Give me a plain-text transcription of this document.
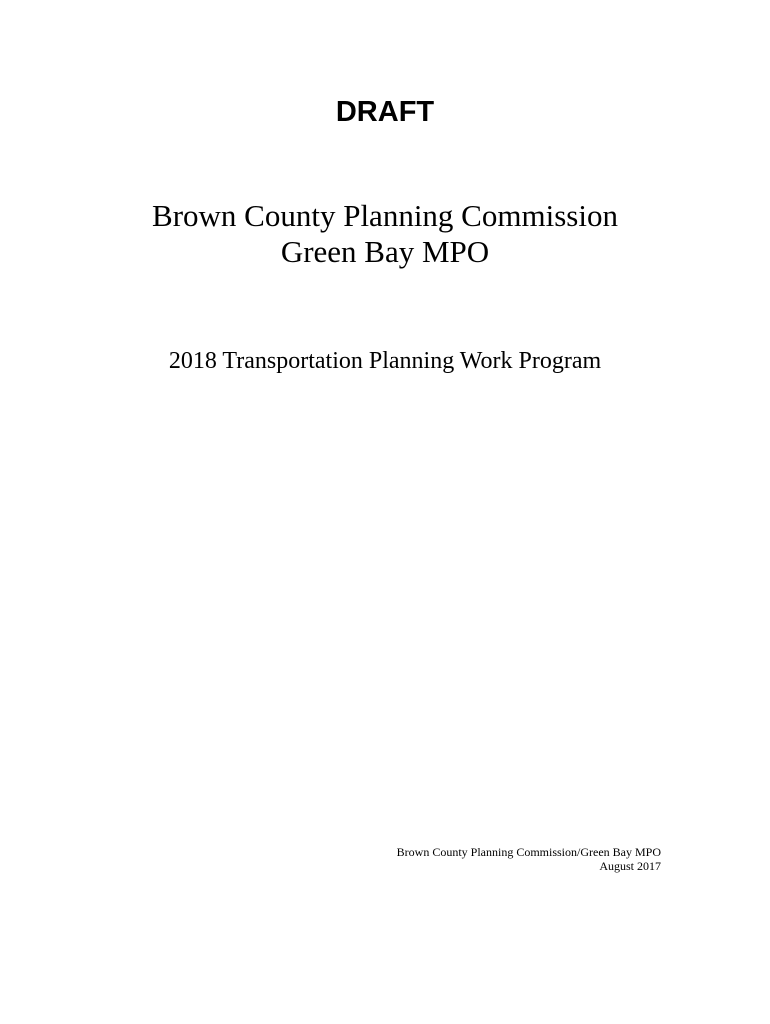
DRAFT
Brown County Planning Commission
Green Bay MPO
2018 Transportation Planning Work Program
Brown County Planning Commission/Green Bay MPO
August 2017
